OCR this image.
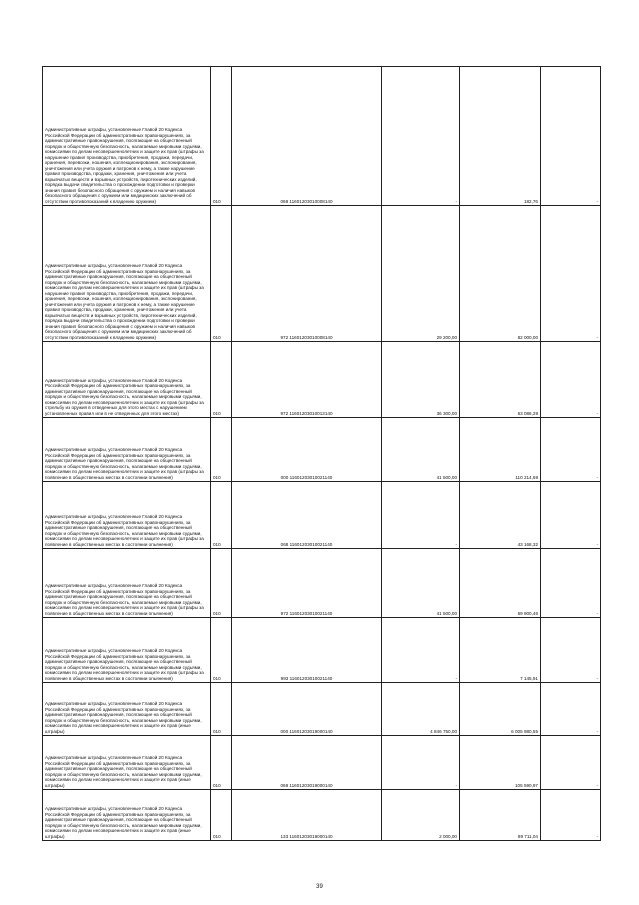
Административные штрафы, установленные Главой 20 Кодекса Российской Федерации об административных правонарушениях, за административные правонарушения, посягающие на общественный порядок и общественную безопасность, налагаемые мировыми судьями, комиссиями по делам несовершеннолетних и защите их прав (штрафы за нарушение правил производства, приобретения, продажи, передачи, хранения, перевозки, ношения, коллекционирования, экспонирования, уничтожения или учета оружия и патронов к нему, а также нарушение правил производства, продажи, хранения, уничтожения или учета взрывчатых веществ и взрывных устройств, пиротехнических изделий, порядка выдачи свидетельства о прохождении подготовки и проверки знания правил безопасного обращения с оружием и наличия навыков безопасного обращения с оружием или медицинских заключений об отсутствии противопоказаний к владению оружием)	010	068 11601203010008140	-	182,76	-
Административные штрафы, установленные Главой 20 Кодекса Российской Федерации об административных правонарушениях, за административные правонарушения, посягающие на общественный порядок и общественную безопасность, налагаемые мировыми судьями, комиссиями по делам несовершеннолетних и защите их прав (штрафы за нарушение правил производства, приобретения, продажи, передачи, хранения, перевозки, ношения, коллекционирования, экспонирования, уничтожения или учета оружия и патронов к нему, а также нарушение правил производства, продажи, хранения, уничтожения или учета взрывчатых веществ и взрывных устройств, пиротехнических изделий, порядка выдачи свидетельства о прохождении подготовки и проверки знания правил безопасного обращения с оружием и наличия навыков безопасного обращения с оружием или медицинских заключений об отсутствии противопоказаний к владению оружием)	010	972 11601203010008140	29 200,00	82 000,00	-
Административные штрафы, установленные Главой 20 Кодекса Российской Федерации об административных правонарушениях, за административные правонарушения, посягающие на общественный порядок и общественную безопасность, налагаемые мировыми судьями, комиссиями по делам несовершеннолетних и защите их прав (штрафы за стрельбу из оружия в отведенных для этого местах с нарушением установленных правил или в не отведенных для этого местах)	010	972 11601203010013140	36 300,00	63 086,29	-
Административные штрафы, установленные Главой 20 Кодекса Российской Федерации об административных правонарушениях, за административные правонарушения, посягающие на общественный порядок и общественную безопасность, налагаемые мировыми судьями, комиссиями по делам несовершеннолетних и защите их прав (штрафы за появление в общественных местах в состоянии опьянения)	010	000 11601203010021140	41 500,00	110 214,69	-
Административные штрафы, установленные Главой 20 Кодекса Российской Федерации об административных правонарушениях, за административные правонарушения, посягающие на общественный порядок и общественную безопасность, налагаемые мировыми судьями, комиссиями по делам несовершеннолетних и защите их прав (штрафы за появление в общественных местах в состоянии опьянения)	010	068 11601203010021140	-	43 168,32	-
Административные штрафы, установленные Главой 20 Кодекса Российской Федерации об административных правонарушениях, за административные правонарушения, посягающие на общественный порядок и общественную безопасность, налагаемые мировыми судьями, комиссиями по делам несовершеннолетних и защите их прав (штрафы за появление в общественных местах в состоянии опьянения)	010	972 11601203010021140	41 500,00	59 900,46	-
Административные штрафы, установленные Главой 20 Кодекса Российской Федерации об административных правонарушениях, за административные правонарушения, посягающие на общественный порядок и общественную безопасность, налагаемые мировыми судьями, комиссиями по делам несовершеннолетних и защите их прав (штрафы за появление в общественных местах в состоянии опьянения)	010	993 11601203010021140	-	7 145,91	-
Административные штрафы, установленные Главой 20 Кодекса Российской Федерации об административных правонарушениях, за административные правонарушения, посягающие на общественный порядок и общественную безопасность, налагаемые мировыми судьями, комиссиями по делам несовершеннолетних и защите их прав (иные штрафы)	010	000 11601203019000140	4 846 750,00	6 005 980,55	-
Административные штрафы, установленные Главой 20 Кодекса Российской Федерации об административных правонарушениях, за административные правонарушения, посягающие на общественный порядок и общественную безопасность, налагаемые мировыми судьями, комиссиями по делам несовершеннолетних и защите их прав (иные штрафы)	010	068 11601203019000140	-	105 590,97	-
Административные штрафы, установленные Главой 20 Кодекса Российской Федерации об административных правонарушениях, за административные правонарушения, посягающие на общественный порядок и общественную безопасность, налагаемые мировыми судьями, комиссиями по делам несовершеннолетних и защите их прав (иные штрафы)	010	133 11601203019000140	2 000,00	89 711,04	-
39
